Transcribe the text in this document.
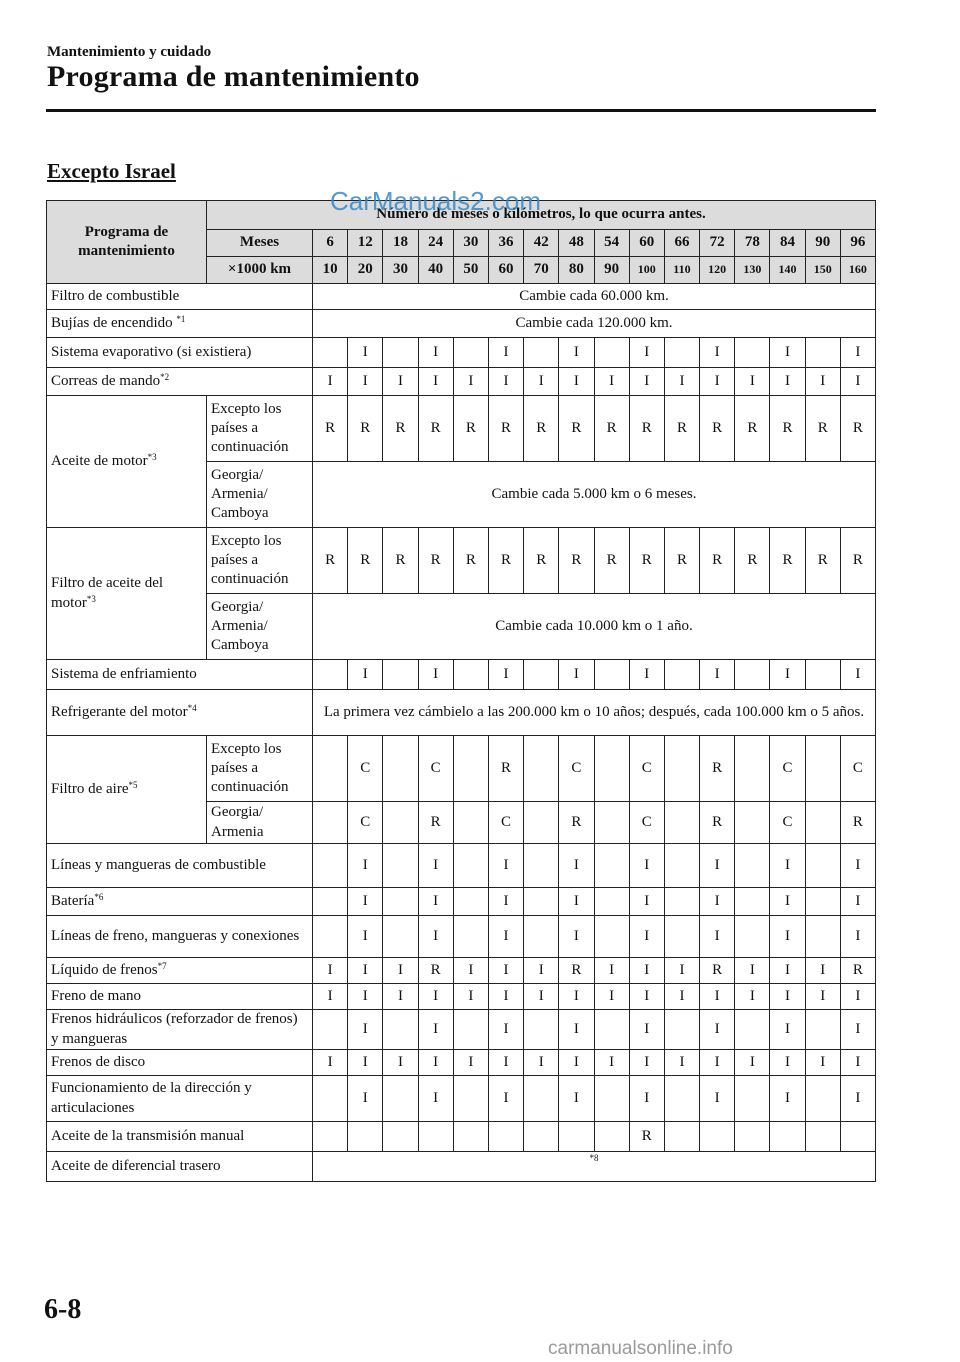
Mantenimiento y cuidado
Programa de mantenimiento
Excepto Israel
Programa de mantenimiento	Número de meses o kilómetros, lo que ocurra antes.																
	Meses	6	12	18	24	30	36	42	48	54	60	66	72	78	84	90	96
	×1000 km	10	20	30	40	50	60	70	80	90	100	110	120	130	140	150	160
Filtro de combustible		Cambie cada 60.000 km.															
Bujías de encendido $^{*1}$		Cambie cada 120.000 km.															
Sistema evaporativo (si existiera)			I		I		I		I		I		I		I		I
Correas de mando$^{*2}$		I	I	I	I	I	I	I	I	I	I	I	I	I	I	I	I
Aceite de motor$^{*3}$	Excepto los países a continuación	R	R	R	R	R	R	R	R	R	R	R	R	R	R	R	R
	Georgia/ Armenia/ Camboya	Cambie cada 5.000 km o 6 meses.															
Filtro de aceite del motor$^{*3}$	Excepto los países a continuación	R	R	R	R	R	R	R	R	R	R	R	R	R	R	R	R
	Georgia/ Armenia/ Camboya	Cambie cada 10.000 km o 1 año.															
Sistema de enfriamiento			I		I		I		I		I		I		I		I
Refrigerante del motor$^{*4}$		La primera vez cámbielo a las 200.000 km o 10 años; después, cada 100.000 km o 5 años.															
Filtro de aire$^{*5}$	Excepto los países a continuación		C		C		R		C		C		R		C		C
	Georgia/ Armenia		C		R		C		R		C		R		C		R
Líneas y mangueras de combustible			I		I		I		I		I		I		I		I
Batería$^{*6}$			I		I		I		I		I		I		I		I
Líneas de freno, mangueras y conexiones			I		I		I		I		I		I		I		I
Líquido de frenos$^{*7}$		I	I	I	R	I	I	I	R	I	I	I	R	I	I	I	R
Freno de mano		I	I	I	I	I	I	I	I	I	I	I	I	I	I	I	I
Frenos hidráulicos (reforzador de frenos) y mangueras			I		I		I		I		I		I		I		I
Frenos de disco		I	I	I	I	I	I	I	I	I	I	I	I	I	I	I	I
Funcionamiento de la dirección y articulaciones			I		I		I		I		I		I		I		I
Aceite de la transmisión manual											R						
Aceite de diferencial trasero		*8															
CarManuals2.com
6-8
carmanualsonline.info
